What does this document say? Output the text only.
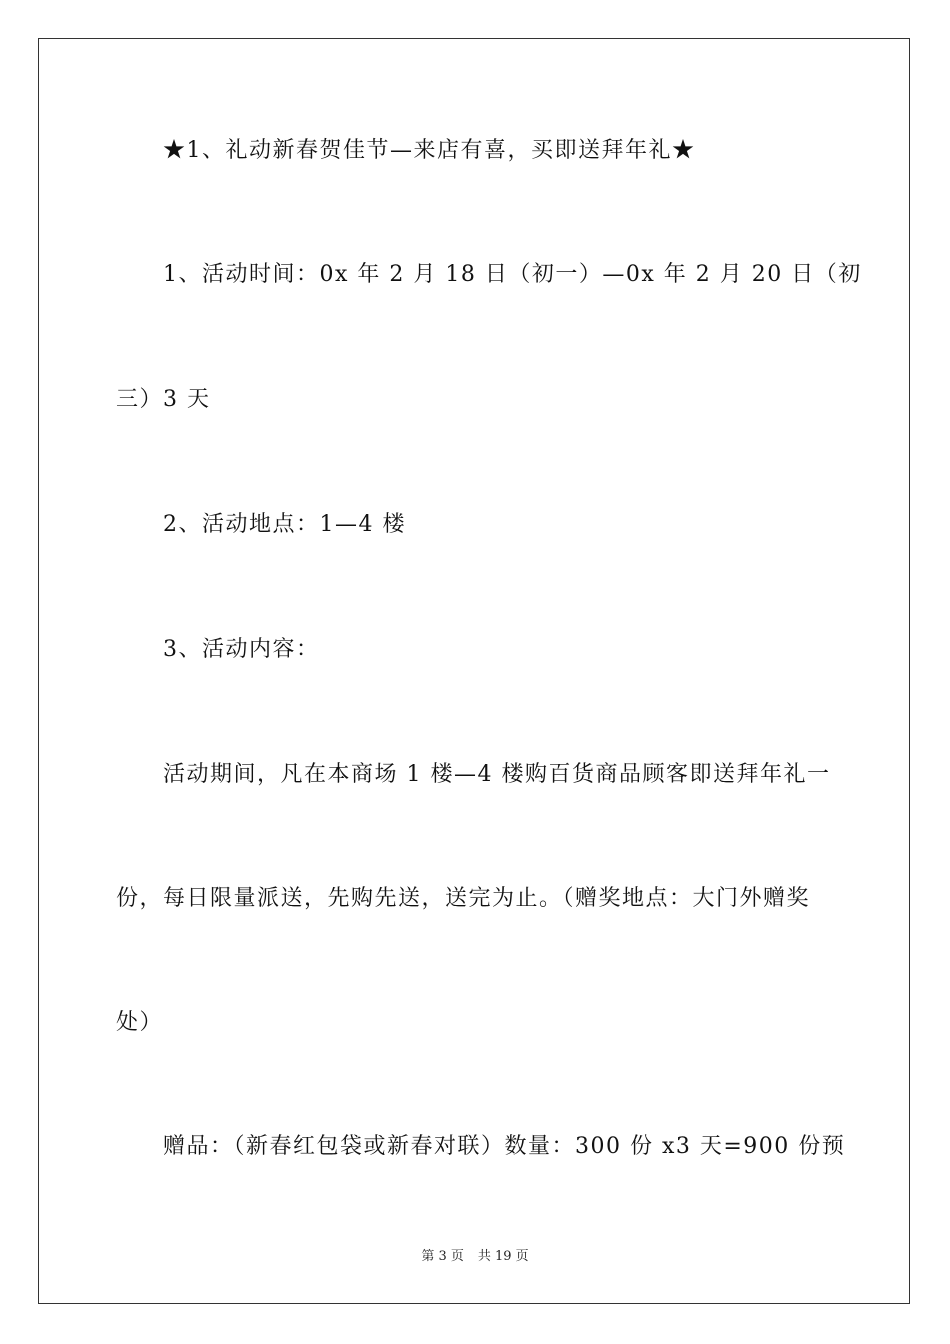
★1、礼动新春贺佳节—来店有喜，买即送拜年礼★
1、活动时间：0x 年 2 月 18 日（初一）—0x 年 2 月 20 日（初
三）3 天
2、活动地点：1—4 楼
3、活动内容：
活动期间，凡在本商场 1 楼—4 楼购百货商品顾客即送拜年礼一
份，每日限量派送，先购先送，送完为止。（赠奖地点：大门外赠奖
处）
赠品：（新春红包袋或新春对联）数量：300 份 x3 天=900 份预
第 3 页 共 19 页
